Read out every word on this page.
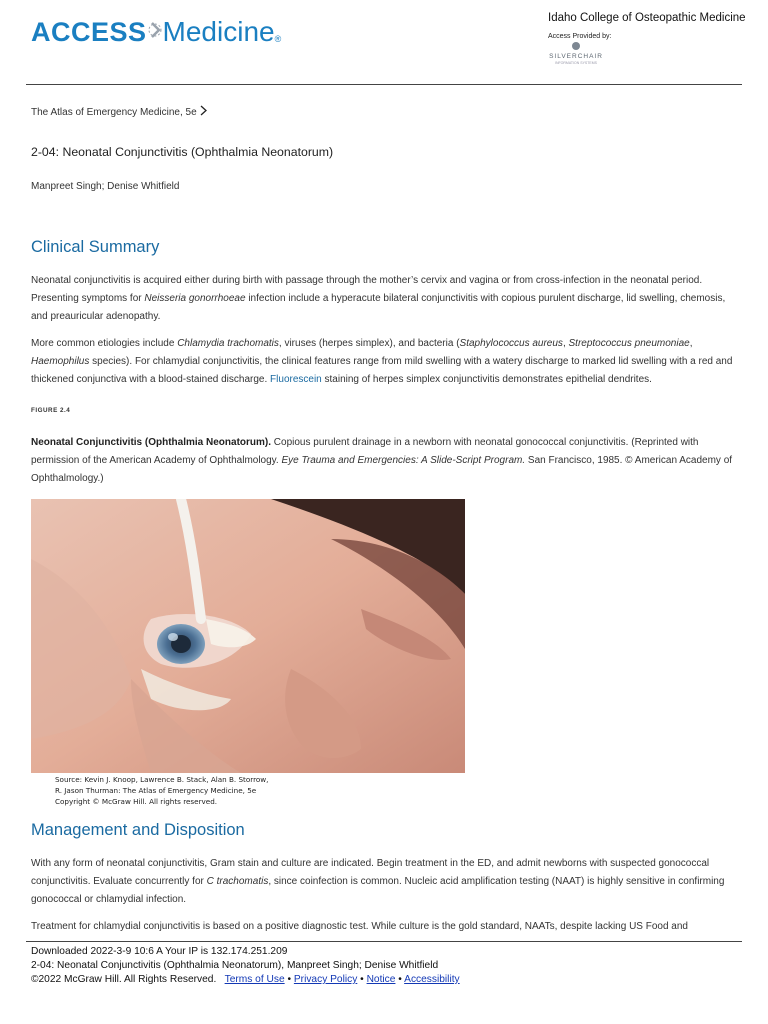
ACCESS Medicine ®
Idaho College of Osteopathic Medicine
Access Provided by:
SILVERCHAIR
INFORMATION SYSTEMS
The Atlas of Emergency Medicine, 5e
2-04: Neonatal Conjunctivitis (Ophthalmia Neonatorum)
Manpreet Singh; Denise Whitfield
Clinical Summary
Neonatal conjunctivitis is acquired either during birth with passage through the mother’s cervix and vagina or from cross-infection in the neonatal period. Presenting symptoms for Neisseria gonorrhoeae infection include a hyperacute bilateral conjunctivitis with copious purulent discharge, lid swelling, chemosis, and preauricular adenopathy.
More common etiologies include Chlamydia trachomatis, viruses (herpes simplex), and bacteria (Staphylococcus aureus, Streptococcus pneumoniae, Haemophilus species). For chlamydial conjunctivitis, the clinical features range from mild swelling with a watery discharge to marked lid swelling with a red and thickened conjunctiva with a blood-stained discharge. Fluorescein staining of herpes simplex conjunctivitis demonstrates epithelial dendrites.
FIGURE 2.4
Neonatal Conjunctivitis (Ophthalmia Neonatorum). Copious purulent drainage in a newborn with neonatal gonococcal conjunctivitis. (Reprinted with permission of the American Academy of Ophthalmology. Eye Trauma and Emergencies: A Slide-Script Program. San Francisco, 1985. © American Academy of Ophthalmology.)
Management and Disposition
With any form of neonatal conjunctivitis, Gram stain and culture are indicated. Begin treatment in the ED, and admit newborns with suspected gonococcal conjunctivitis. Evaluate concurrently for C trachomatis, since coinfection is common. Nucleic acid amplification testing (NAAT) is highly sensitive in confirming gonococcal or chlamydial infection.
Treatment for chlamydial conjunctivitis is based on a positive diagnostic test. While culture is the gold standard, NAATs, despite lacking US Food and
Source: Kevin J. Knoop, Lawrence B. Stack, Alan B. Storrow,
R. Jason Thurman: The Atlas of Emergency Medicine, 5e
Copyright © McGraw Hill. All rights reserved.
Downloaded 2022-3-9 10:6 A Your IP is 132.174.251.209
2-04: Neonatal Conjunctivitis (Ophthalmia Neonatorum), Manpreet Singh; Denise Whitfield
©2022 McGraw Hill. All Rights Reserved. Terms of Use • Privacy Policy • Notice • Accessibility
